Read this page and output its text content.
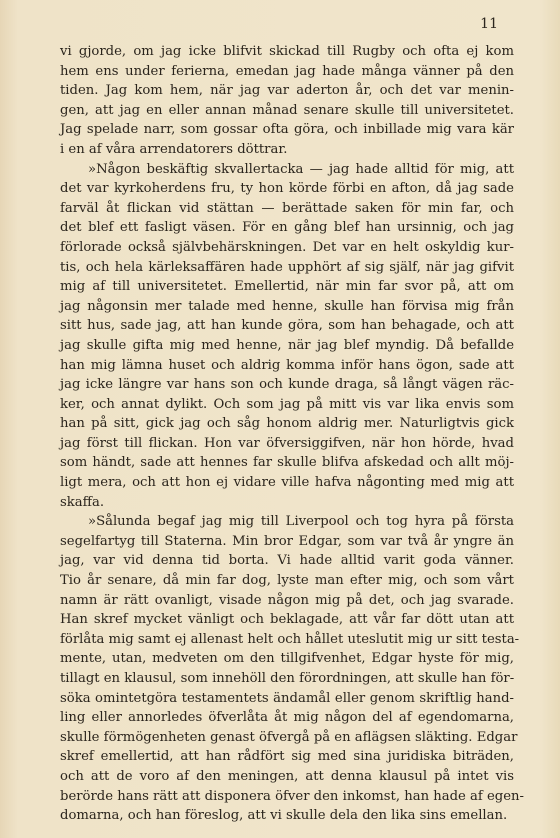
11
vi gjorde, om jag icke blifvit skickad till Rugby och ofta ej kom
hem ens under ferierna, emedan jag hade många vänner på den
tiden. Jag kom hem, när jag var aderton år, och det var menin-
gen, att jag en eller annan månad senare skulle till universitetet.
Jag spelade narr, som gossar ofta göra, och inbillade mig vara kär
i en af våra arrendatorers döttrar.
»Någon beskäftig skvallertacka — jag hade alltid för mig, att
det var kyrkoherdens fru, ty hon körde förbi en afton, då jag sade
farväl åt flickan vid stättan — berättade saken för min far, och
det blef ett fasligt väsen. För en gång blef han ursinnig, och jag
förlorade också självbehärskningen. Det var en helt oskyldig kur-
tis, och hela kärleksaffären hade upphört af sig själf, när jag gifvit
mig af till universitetet. Emellertid, när min far svor på, att om
jag någonsin mer talade med henne, skulle han förvisa mig från
sitt hus, sade jag, att han kunde göra, som han behagade, och att
jag skulle gifta mig med henne, när jag blef myndig. Då befallde
han mig lämna huset och aldrig komma inför hans ögon, sade att
jag icke längre var hans son och kunde draga, så långt vägen räc-
ker, och annat dylikt. Och som jag på mitt vis var lika envis som
han på sitt, gick jag och såg honom aldrig mer. Naturligtvis gick
jag först till flickan. Hon var öfversiggifven, när hon hörde, hvad
som händt, sade att hennes far skulle blifva afskedad och allt möj-
ligt mera, och att hon ej vidare ville hafva någonting med mig att
skaffa.
»Sålunda begaf jag mig till Liverpool och tog hyra på första
segelfartyg till Staterna. Min bror Edgar, som var två år yngre än
jag, var vid denna tid borta. Vi hade alltid varit goda vänner.
Tio år senare, då min far dog, lyste man efter mig, och som vårt
namn är rätt ovanligt, visade någon mig på det, och jag svarade.
Han skref mycket vänligt och beklagade, att vår far dött utan att
förlåta mig samt ej allenast helt och hållet uteslutit mig ur sitt testa-
mente, utan, medveten om den tillgifvenhet, Edgar hyste för mig,
tillagt en klausul, som innehöll den förordningen, att skulle han för-
söka omintetgöra testamentets ändamål eller genom skriftlig hand-
ling eller annorledes öfverlåta åt mig någon del af egendomarna,
skulle förmögenheten genast öfvergå på en aflägsen släkting. Edgar
skref emellertid, att han rådfört sig med sina juridiska biträden,
och att de voro af den meningen, att denna klausul på intet vis
berörde hans rätt att disponera öfver den inkomst, han hade af egen-
domarna, och han föreslog, att vi skulle dela den lika sins emellan.
